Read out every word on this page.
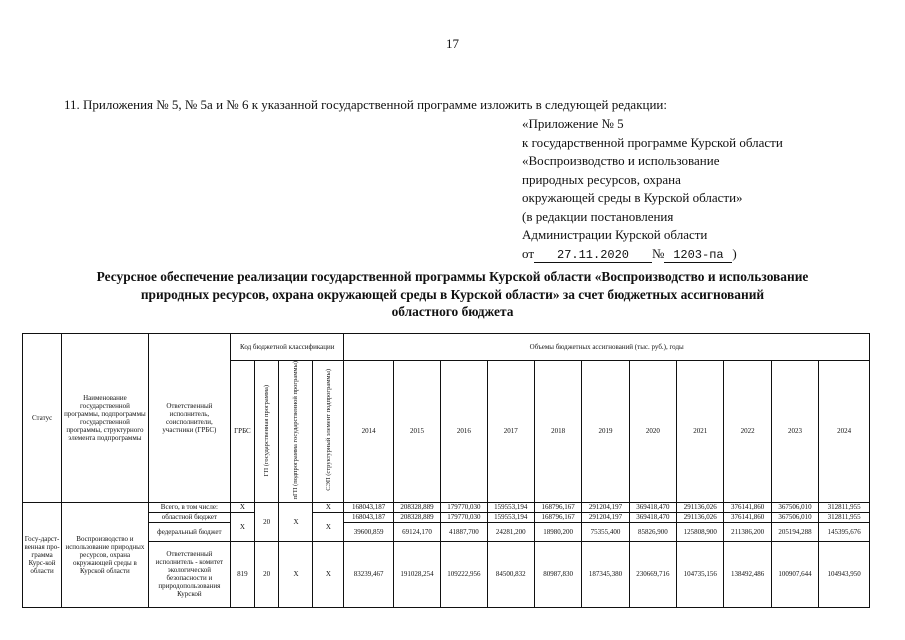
17
11. Приложения № 5, № 5а и № 6 к указанной государственной программе изложить в следующей редакции:
«Приложение № 5
к государственной программе Курской области
«Воспроизводство и использование
природных ресурсов, охрана
окружающей среды в Курской области»
(в редакции постановления
Администрации Курской области
от 27.11.2020 № 1203-па )
Ресурсное обеспечение реализации государственной программы Курской области «Воспроизводство и использование
природных ресурсов, охрана окружающей среды в Курской области» за счет бюджетных ассигнований
областного бюджета
Статус	Наименование государственной программы, подпрограммы государственной программы, структурного элемента подпрограммы	Ответственный исполнитель, соисполнители, участники (ГРБС)	Код бюджетной классификации				Объемы бюджетных ассигнований (тыс. руб.), годы										
			ГРБС	ГП (государственная программа)	пГП (подпрограмма государственной программы)	СЭП (структурный элемент подпрограммы)	2014	2015	2016	2017	2018	2019	2020	2021	2022	2023	2024
Госу-дарст-венная про-грамма Курс-кой области	Воспроизводство и использование природных ресурсов, охрана окружающей среды в Курской области	Всего, в том числе:	Х	20	Х	Х	168043,187	208328,889	179770,030	159553,194	168796,167	291204,197	369418,470	291136,026	376141,860	367506,010	312811,955
		областной бюджет	Х			Х	168043,187	208328,889	179770,030	159553,194	168796,167	291204,197	369418,470	291136,026	376141,860	367506,010	312811,955
		федеральный бюджет					39600,859	69124,170	41887,700	24281,200	18980,200	75355,400	85826,900	125808,900	211386,200	205194,288	145395,676
		Ответственный исполнитель - комитет экологической безопасности и природопользования Курской	819	20	Х	Х	83239,467	191028,254	109222,956	84500,832	80987,830	187345,380	230669,716	104735,156	138492,486	100907,644	104943,950
